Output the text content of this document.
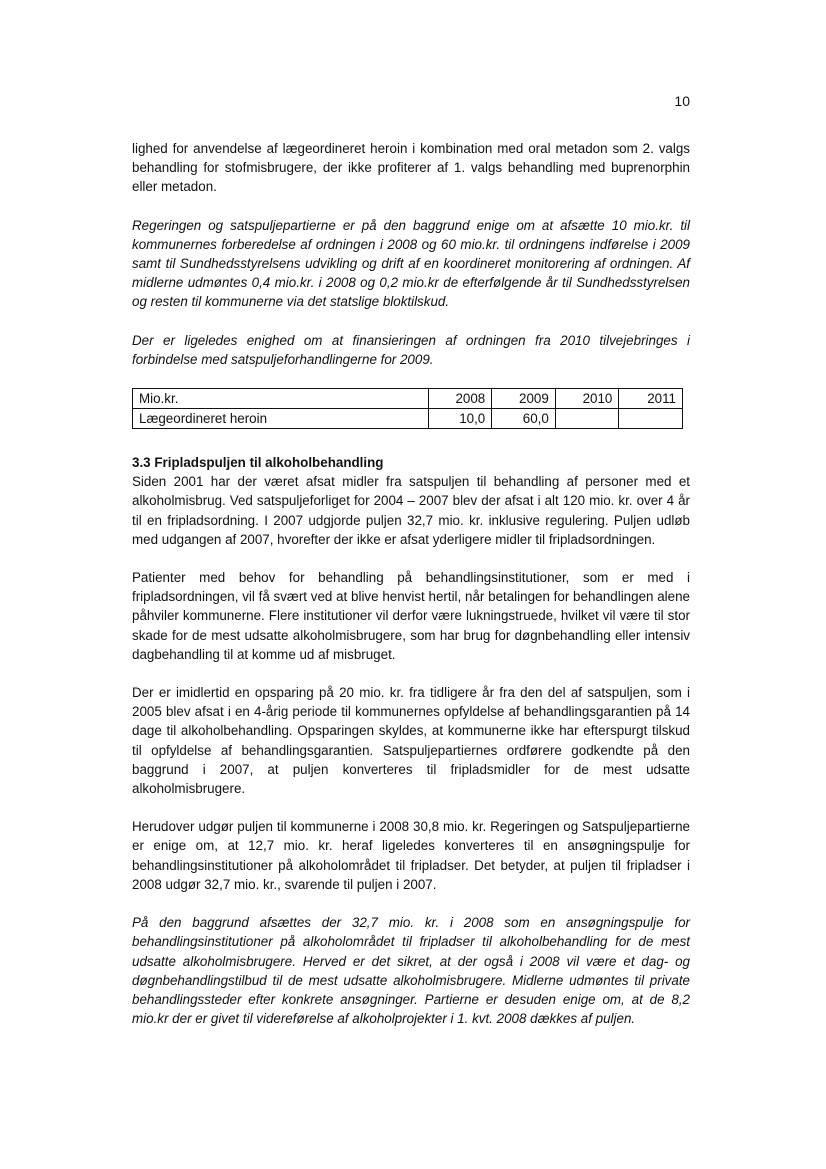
10

lighed for anvendelse af lægeordineret heroin i kombination med oral metadon som 2. valgs behandling for stofmisbrugere, der ikke profiterer af 1. valgs behandling med buprenorphin eller metadon.

Regeringen og satspuljepartierne er på den baggrund enige om at afsætte 10 mio.kr. til kommunernes forberedelse af ordningen i 2008 og 60 mio.kr. til ordningens indførelse i 2009 samt til Sundhedsstyrelsens udvikling og drift af en koordineret monitorering af ordningen. Af midlerne udmøntes 0,4 mio.kr. i 2008 og 0,2 mio.kr de efterfølgende år til Sundhedsstyrelsen og resten til kommunerne via det statslige bloktilskud.

Der er ligeledes enighed om at finansieringen af ordningen fra 2010 tilvejebringes i forbindelse med satspuljeforhandlingerne for 2009.

Mio.kr.	2008	2009	2010	2011
Lægeordineret heroin	10,0	60,0		
3.3 Fripladspuljen til alkoholbehandling

Siden 2001 har der været afsat midler fra satspuljen til behandling af personer med et alkoholmisbrug. Ved satspuljeforliget for 2004 – 2007 blev der afsat i alt 120 mio. kr. over 4 år til en fripladsordning. I 2007 udgjorde puljen 32,7 mio. kr. inklusive regulering. Puljen udløb med udgangen af 2007, hvorefter der ikke er afsat yderligere midler til fripladsordningen.

Patienter med behov for behandling på behandlingsinstitutioner, som er med i fripladsordningen, vil få svært ved at blive henvist hertil, når betalingen for behandlingen alene påhviler kommunerne. Flere institutioner vil derfor være lukningstruede, hvilket vil være til stor skade for de mest udsatte alkoholmisbrugere, som har brug for døgnbehandling eller intensiv dagbehandling til at komme ud af misbruget.

Der er imidlertid en opsparing på 20 mio. kr. fra tidligere år fra den del af satspuljen, som i 2005 blev afsat i en 4-årig periode til kommunernes opfyldelse af behandlingsgarantien på 14 dage til alkoholbehandling. Opsparingen skyldes, at kommunerne ikke har efterspurgt tilskud til opfyldelse af behandlingsgarantien. Satspuljepartiernes ordførere godkendte på den baggrund i 2007, at puljen konverteres til fripladsmidler for de mest udsatte alkoholmisbrugere.

Herudover udgør puljen til kommunerne i 2008 30,8 mio. kr. Regeringen og Satspuljepartierne er enige om, at 12,7 mio. kr. heraf ligeledes konverteres til en ansøgningspulje for behandlingsinstitutioner på alkoholområdet til fripladser. Det betyder, at puljen til fripladser i 2008 udgør 32,7 mio. kr., svarende til puljen i 2007.

På den baggrund afsættes der 32,7 mio. kr. i 2008 som en ansøgningspulje for behandlingsinstitutioner på alkoholområdet til fripladser til alkoholbehandling for de mest udsatte alkoholmisbrugere. Herved er det sikret, at der også i 2008 vil være et dag- og døgnbehandlingstilbud til de mest udsatte alkoholmisbrugere. Midlerne udmøntes til private behandlingssteder efter konkrete ansøgninger. Partierne er desuden enige om, at de 8,2 mio.kr der er givet til videreførelse af alkoholprojekter i 1. kvt. 2008 dækkes af puljen.
